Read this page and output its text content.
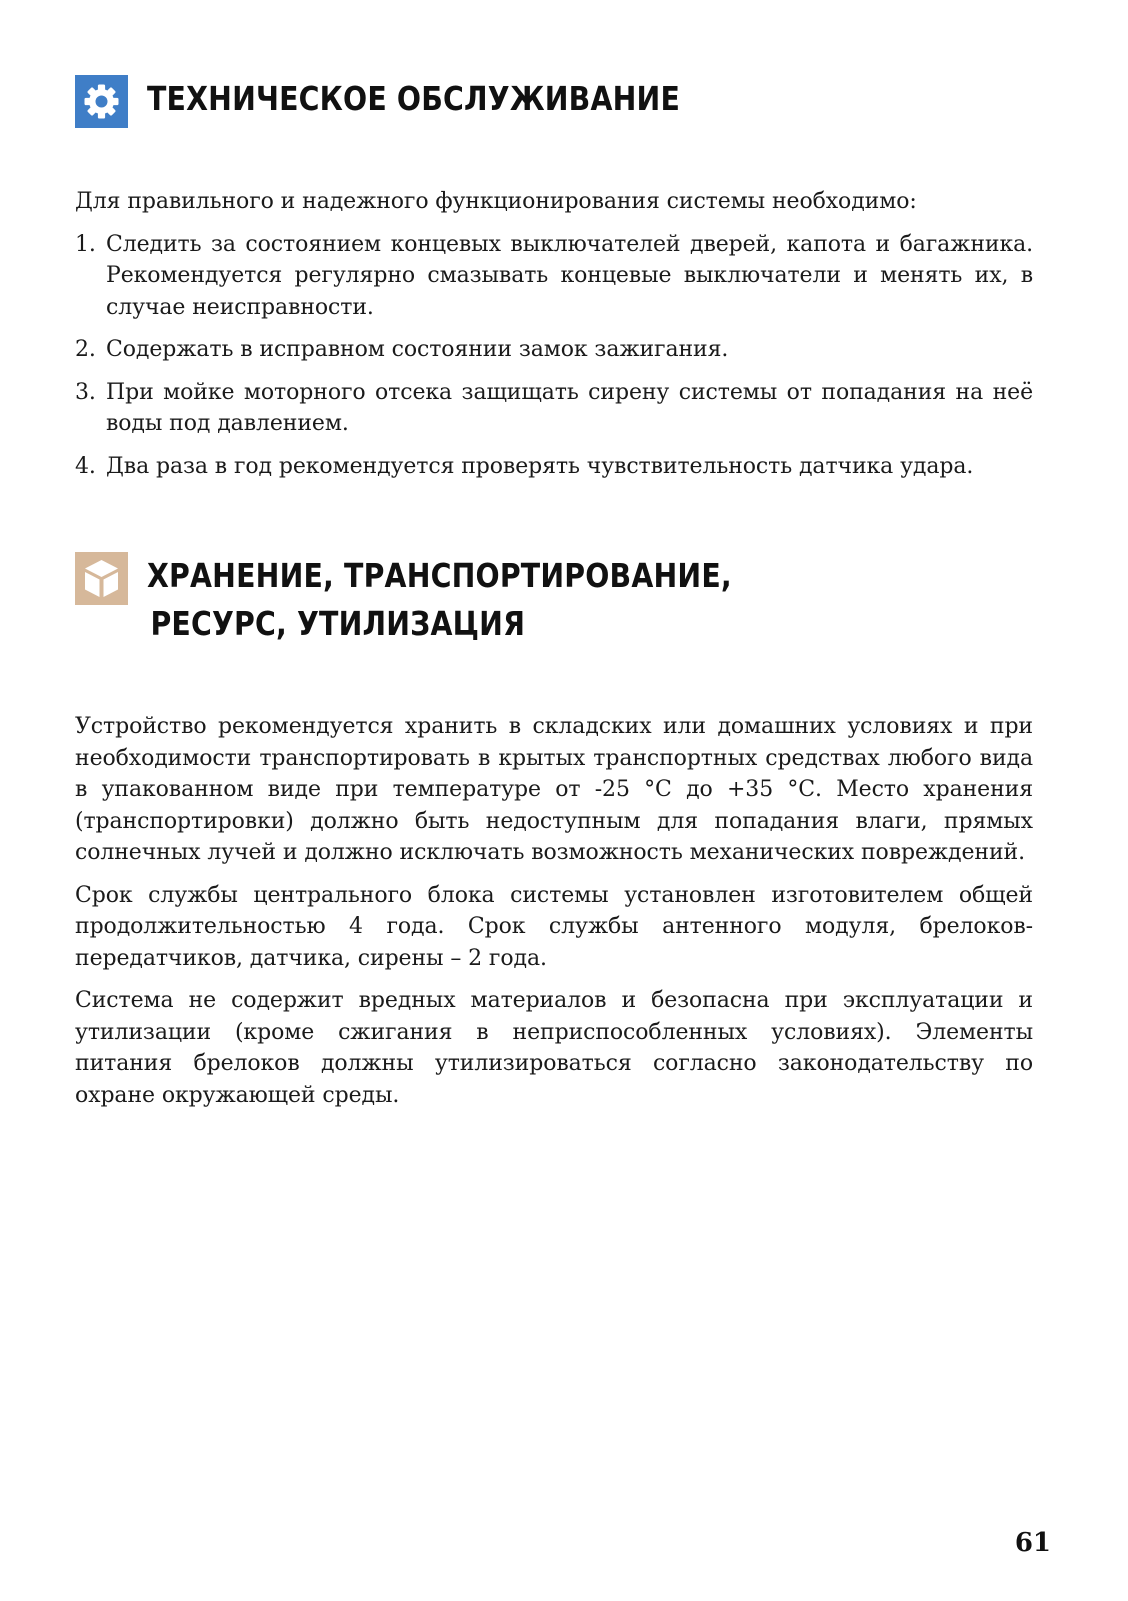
ТЕХНИЧЕСКОЕ ОБСЛУЖИВАНИЕ

Для правильного и надежного функционирования системы необходимо:

1. Следить за состоянием концевых выключателей дверей, капота и багажника. Рекомендуется регулярно смазывать концевые выключатели и менять их, в случае неисправности.
2. Содержать в исправном состоянии замок зажигания.
3. При мойке моторного отсека защищать сирену системы от попадания на неё воды под давлением.
4. Два раза в год рекомендуется проверять чувствительность датчика удара.
ХРАНЕНИЕ, ТРАНСПОРТИРОВАНИЕ,
РЕСУРС, УТИЛИЗАЦИЯ

Устройство рекомендуется хранить в складских или домашних условиях и при необходимости транспортировать в крытых транспортных средствах любого вида в упакованном виде при температуре от -25 °С до +35 °С. Место хранения (транспортировки) должно быть недоступным для попадания влаги, прямых солнечных лучей и должно исключать возможность механических повреждений.

Срок службы центрального блока системы установлен изготовителем общей продолжительностью 4 года. Срок службы антенного модуля, брелоков-передатчиков, датчика, сирены – 2 года.

Система не содержит вредных материалов и безопасна при эксплуатации и утилизации (кроме сжигания в неприспособленных условиях). Элементы питания брелоков должны утилизироваться согласно законодательству по охране окружающей среды.

61
